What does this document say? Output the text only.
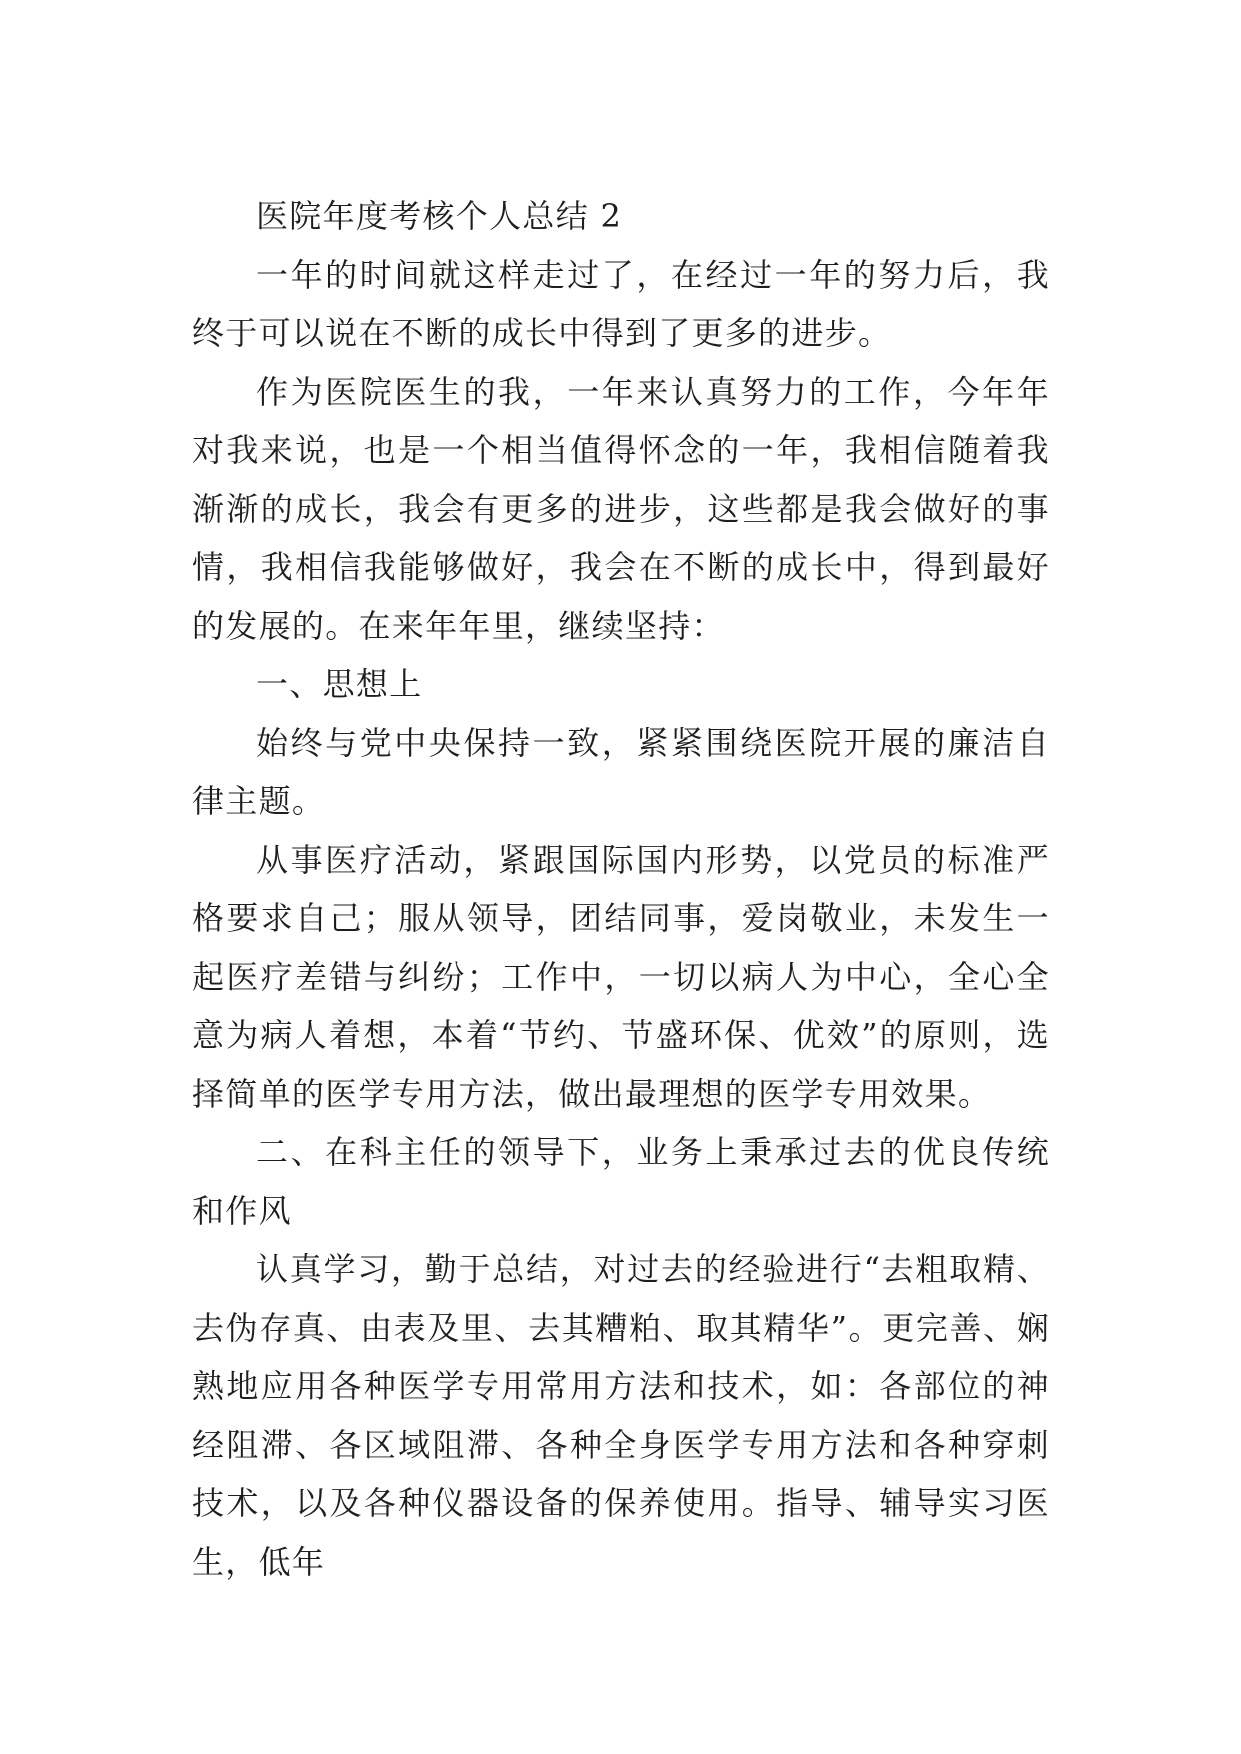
医院年度考核个人总结 2

一年的时间就这样走过了，在经过一年的努力后，我终于可以说在不断的成长中得到了更多的进步。

作为医院医生的我，一年来认真努力的工作，今年年对我来说，也是一个相当值得怀念的一年，我相信随着我渐渐的成长，我会有更多的进步，这些都是我会做好的事情，我相信我能够做好，我会在不断的成长中，得到最好的发展的。在来年年里，继续坚持：

一、思想上

始终与党中央保持一致，紧紧围绕医院开展的廉洁自律主题。

从事医疗活动，紧跟国际国内形势，以党员的标准严格要求自己；服从领导，团结同事，爱岗敬业，未发生一起医疗差错与纠纷；工作中，一切以病人为中心，全心全意为病人着想，本着“节约、节盛环保、优效”的原则，选择简单的医学专用方法，做出最理想的医学专用效果。

二、在科主任的领导下，业务上秉承过去的优良传统和作风

认真学习，勤于总结，对过去的经验进行“去粗取精、去伪存真、由表及里、去其糟粕、取其精华”。更完善、娴熟地应用各种医学专用常用方法和技术，如：各部位的神经阻滞、各区域阻滞、各种全身医学专用方法和各种穿刺技术，以及各种仪器设备的保养使用。指导、辅导实习医生，低年
